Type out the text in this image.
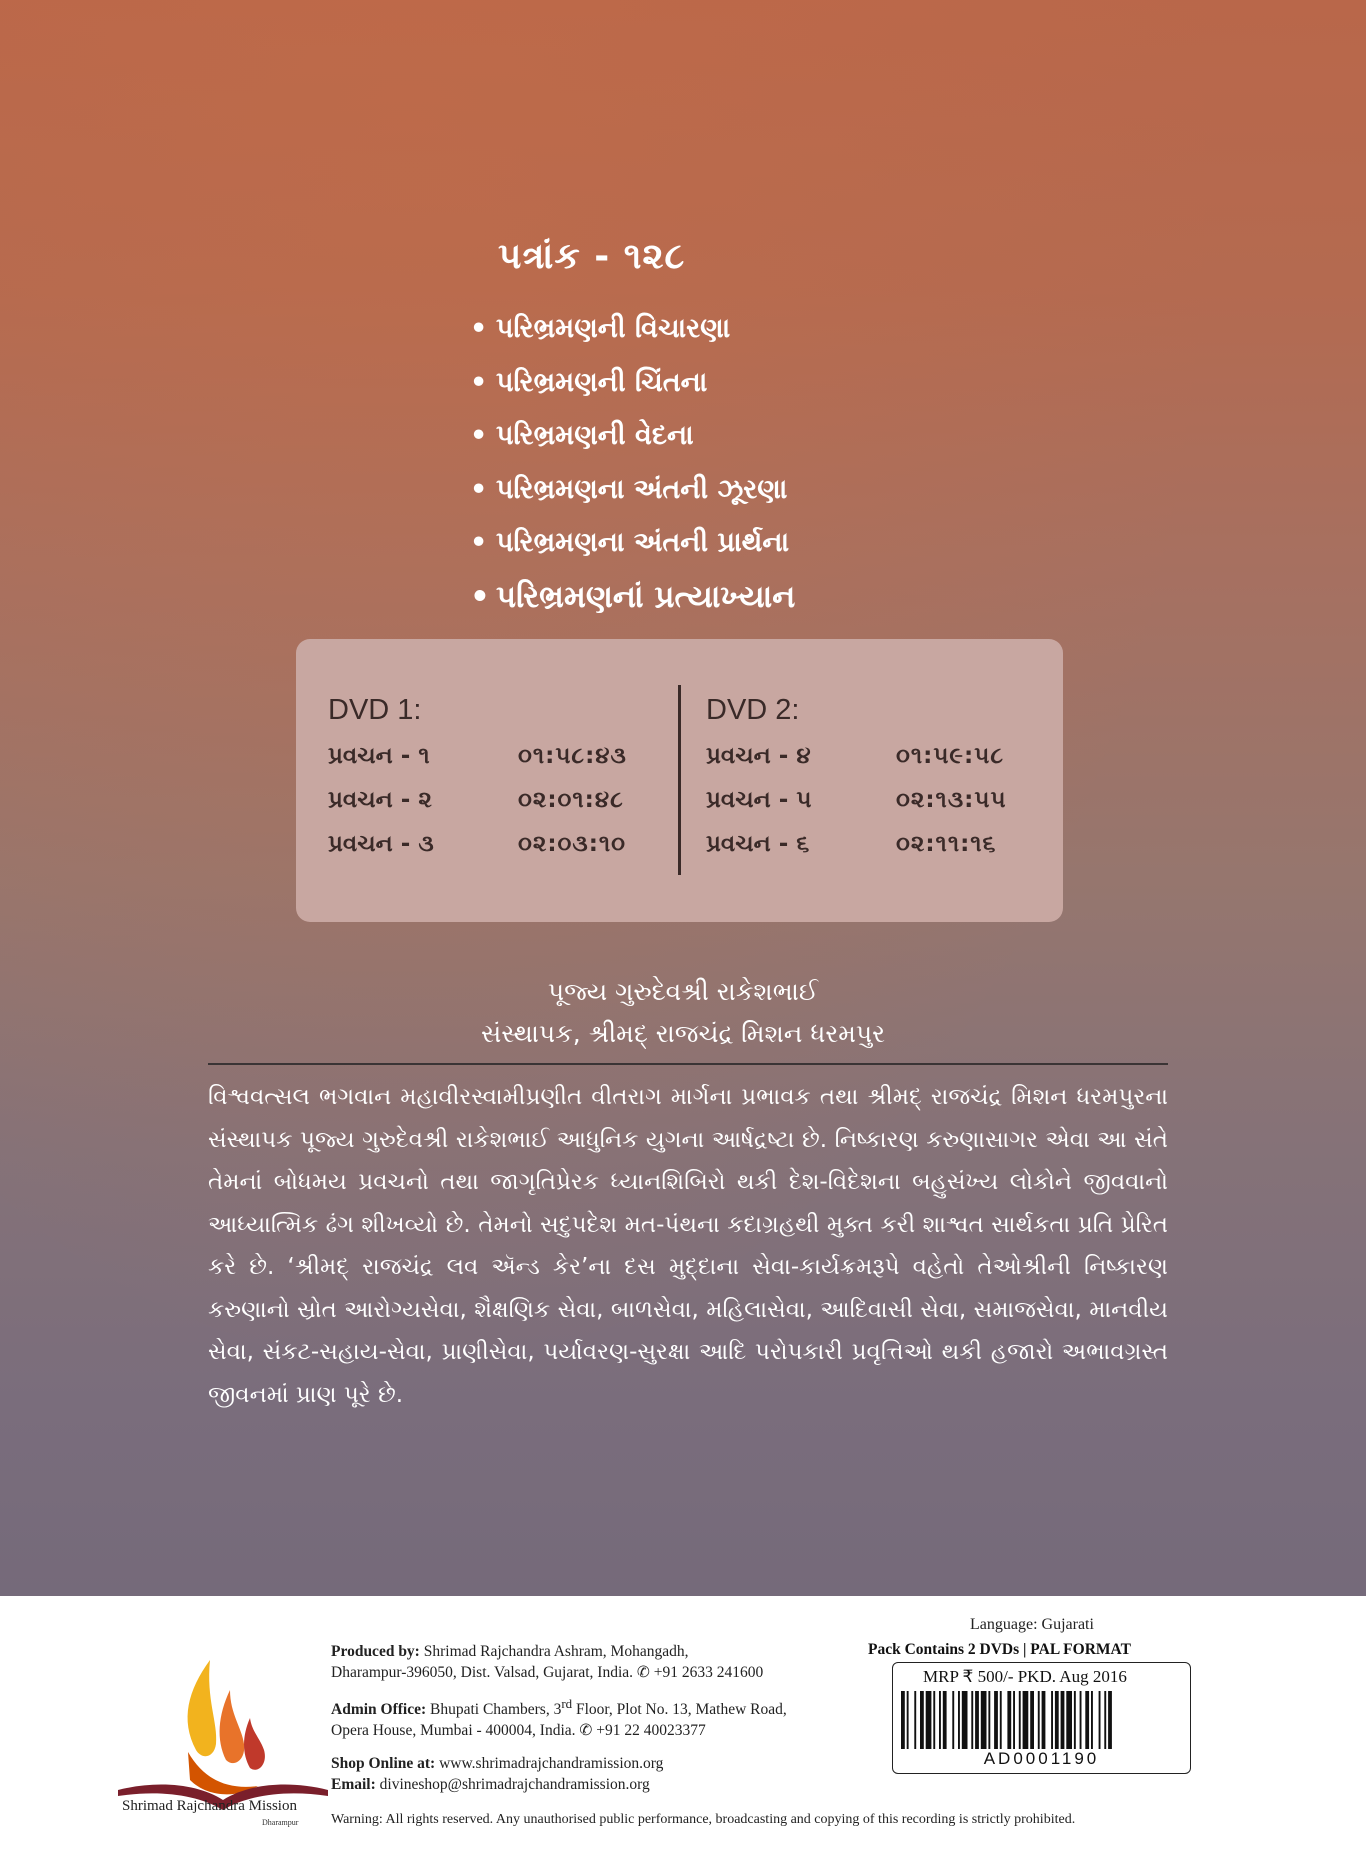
પત્રાંક - ૧૨૮
• પરિભ્રમણની વિચારણા
• પરિભ્રમણની ચિંતના
• પરિભ્રમણની વેદના
• પરિભ્રમણના અંતની ઝૂરણા
• પરિભ્રમણના અંતની પ્રાર્થના
• પરિભ્રમણનાં પ્રત્યાખ્યાન
DVD 1:
પ્રવચન - ૧	૦૧:૫૮:૪૩
પ્રવચન - ૨	૦૨:૦૧:૪૮
પ્રવચન - ૩	૦૨:૦૩:૧૦
DVD 2:
પ્રવચન - ૪	૦૧:૫૯:૫૮
પ્રવચન - ૫	૦૨:૧૩:૫૫
પ્રવચન - ૬	૦૨:૧૧:૧૬
પૂજ્ય ગુરુદેવશ્રી રાકેશભાઈ
સંસ્થાપક, શ્રીમદ્ રાજચંદ્ર મિશન ધરમપુર

વિશ્વવત્સલ ભગવાન મહાવીરસ્વામીપ્રણીત વીતરાગ માર્ગના પ્રભાવક તથા શ્રીમદ્ રાજચંદ્ર મિશન ધરમપુરના સંસ્થાપક પૂજ્ય ગુરુદેવશ્રી રાકેશભાઈ આધુનિક યુગના આર્ષદ્રષ્ટા છે. નિષ્કારણ કરુણાસાગર એવા આ સંતે તેમનાં બોધમય પ્રવચનો તથા જાગૃતિપ્રેરક ધ્યાનશિબિરો થકી દેશ-વિદેશના બહુસંખ્ય લોકોને જીવવાનો આધ્યાત્મિક ઢંગ શીખવ્યો છે. તેમનો સદુપદેશ મત-પંથના કદાગ્રહથી મુક્ત કરી શાશ્વત સાર્થકતા પ્રતિ પ્રેરિત કરે છે. ‘શ્રીમદ્ રાજચંદ્ર લવ ઍન્ડ કેર’ના દસ મુદ્દાના સેવા-કાર્યક્રમરૂપે વહેતો તેઓશ્રીની નિષ્કારણ કરુણાનો સ્રોત આરોગ્યસેવા, શૈક્ષણિક સેવા, બાળસેવા, મહિલાસેવા, આદિવાસી સેવા, સમાજસેવા, માનવીય સેવા, સંકટ-સહાય-સેવા, પ્રાણીસેવા, પર્યાવરણ-સુરક્ષા આદિ પરોપકારી પ્રવૃત્તિઓ થકી હજારો અભાવગ્રસ્ત જીવનમાં પ્રાણ પૂરે છે.

Shrimad Rajchandra Mission
Dharampur
Produced by: Shrimad Rajchandra Ashram, Mohangadh,
Dharampur-396050, Dist. Valsad, Gujarat, India. ✆ +91 2633 241600
Admin Office: Bhupati Chambers, 3rd Floor, Plot No. 13, Mathew Road,
Opera House, Mumbai - 400004, India. ✆ +91 22 40023377
Shop Online at: www.shrimadrajchandramission.org
Email: divineshop@shrimadrajchandramission.org
Language: Gujarati
Pack Contains 2 DVDs | PAL FORMAT
MRP ₹ 500/- PKD. Aug 2016
AD0001190
Warning: All rights reserved. Any unauthorised public performance, broadcasting and copying of this recording is strictly prohibited.
